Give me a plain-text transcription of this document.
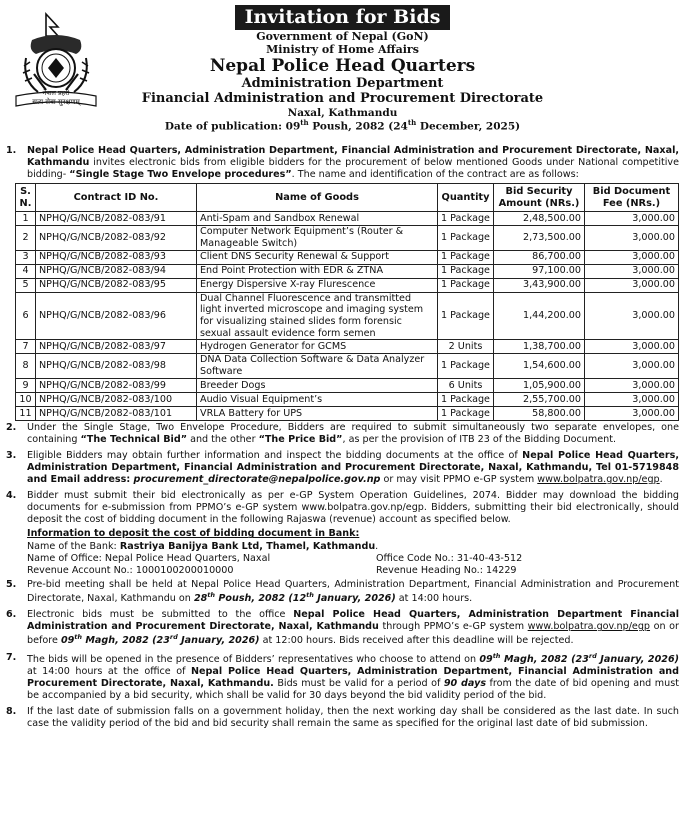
नेपाल प्रहरी
सत्य सेवा सुरक्षणम्
Invitation for Bids
Government of Nepal (GoN)
Ministry of Home Affairs
Nepal Police Head Quarters
Administration Department
Financial Administration and Procurement Directorate
Naxal, Kathmandu
Date of publication: 09th Poush, 2082 (24th December, 2025)
1.	Nepal Police Head Quarters, Administration Department, Financial Administration and Procurement Directorate, Naxal, Kathmandu invites electronic bids from eligible bidders for the procurement of below mentioned Goods under National competitive bidding- “Single Stage Two Envelope procedures”. The name and identification of the contract are as follows:
S. N.	Contract ID No.	Name of Goods	Quantity	Bid Security Amount (NRs.)	Bid Document Fee (NRs.)
1	NPHQ/G/NCB/2082-083/91	Anti-Spam and Sandbox Renewal	1 Package	2,48,500.00	3,000.00
2	NPHQ/G/NCB/2082-083/92	Computer Network Equipment’s (Router & Manageable Switch)	1 Package	2,73,500.00	3,000.00
3	NPHQ/G/NCB/2082-083/93	Client DNS Security Renewal & Support	1 Package	86,700.00	3,000.00
4	NPHQ/G/NCB/2082-083/94	End Point Protection with EDR & ZTNA	1 Package	97,100.00	3,000.00
5	NPHQ/G/NCB/2082-083/95	Energy Dispersive X-ray Flurescence	1 Package	3,43,900.00	3,000.00
6	NPHQ/G/NCB/2082-083/96	Dual Channel Fluorescence and transmitted light inverted microscope and imaging system for visualizing stained slides form forensic sexual assault evidence form semen	1 Package	1,44,200.00	3,000.00
7	NPHQ/G/NCB/2082-083/97	Hydrogen Generator for GCMS	2 Units	1,38,700.00	3,000.00
8	NPHQ/G/NCB/2082-083/98	DNA Data Collection Software & Data Analyzer Software	1 Package	1,54,600.00	3,000.00
9	NPHQ/G/NCB/2082-083/99	Breeder Dogs	6 Units	1,05,900.00	3,000.00
10	NPHQ/G/NCB/2082-083/100	Audio Visual Equipment’s	1 Package	2,55,700.00	3,000.00
11	NPHQ/G/NCB/2082-083/101	VRLA Battery for UPS	1 Package	58,800.00	3,000.00
2.	Under the Single Stage, Two Envelope Procedure, Bidders are required to submit simultaneously two separate envelopes, one containing “The Technical Bid” and the other “The Price Bid”, as per the provision of ITB 23 of the Bidding Document.
3.	Eligible Bidders may obtain further information and inspect the bidding documents at the office of Nepal Police Head Quarters, Administration Department, Financial Administration and Procurement Directorate, Naxal, Kathmandu, Tel 01-5719848 and Email address: procurement_directorate@nepalpolice.gov.np or may visit PPMO e-GP system www.bolpatra.gov.np/egp.
4.	Bidder must submit their bid electronically as per e-GP System Operation Guidelines, 2074. Bidder may download the bidding documents for e-submission from PPMO’s e-GP system www.bolpatra.gov.np/egp. Bidders, submitting their bid electronically, should deposit the cost of bidding document in the following Rajaswa (revenue) account as specified below.
Information to deposit the cost of bidding document in Bank:
Name of the Bank: Rastriya Banijya Bank Ltd, Thamel, Kathmandu.
Name of Office: Nepal Police Head Quarters, Naxal	Office Code No.: 31-40-43-512
Revenue Account No.: 1000100200010000	Revenue Heading No.: 14229
5.	Pre-bid meeting shall be held at Nepal Police Head Quarters, Administration Department, Financial Administration and Procurement Directorate, Naxal, Kathmandu on 28th Poush, 2082 (12th January, 2026) at 14:00 hours.
6.	Electronic bids must be submitted to the office Nepal Police Head Quarters, Administration Department Financial Administration and Procurement Directorate, Naxal, Kathmandu through PPMO’s e-GP system www.bolpatra.gov.np/egp on or before 09th Magh, 2082 (23rd January, 2026) at 12:00 hours. Bids received after this deadline will be rejected.
7.	The bids will be opened in the presence of Bidders’ representatives who choose to attend on 09th Magh, 2082 (23rd January, 2026) at 14:00 hours at the office of Nepal Police Head Quarters, Administration Department, Financial Administration and Procurement Directorate, Naxal, Kathmandu. Bids must be valid for a period of 90 days from the date of bid opening and must be accompanied by a bid security, which shall be valid for 30 days beyond the bid validity period of the bid.
8.	If the last date of submission falls on a government holiday, then the next working day shall be considered as the last date. In such case the validity period of the bid and bid security shall remain the same as specified for the original last date of bid submission.
